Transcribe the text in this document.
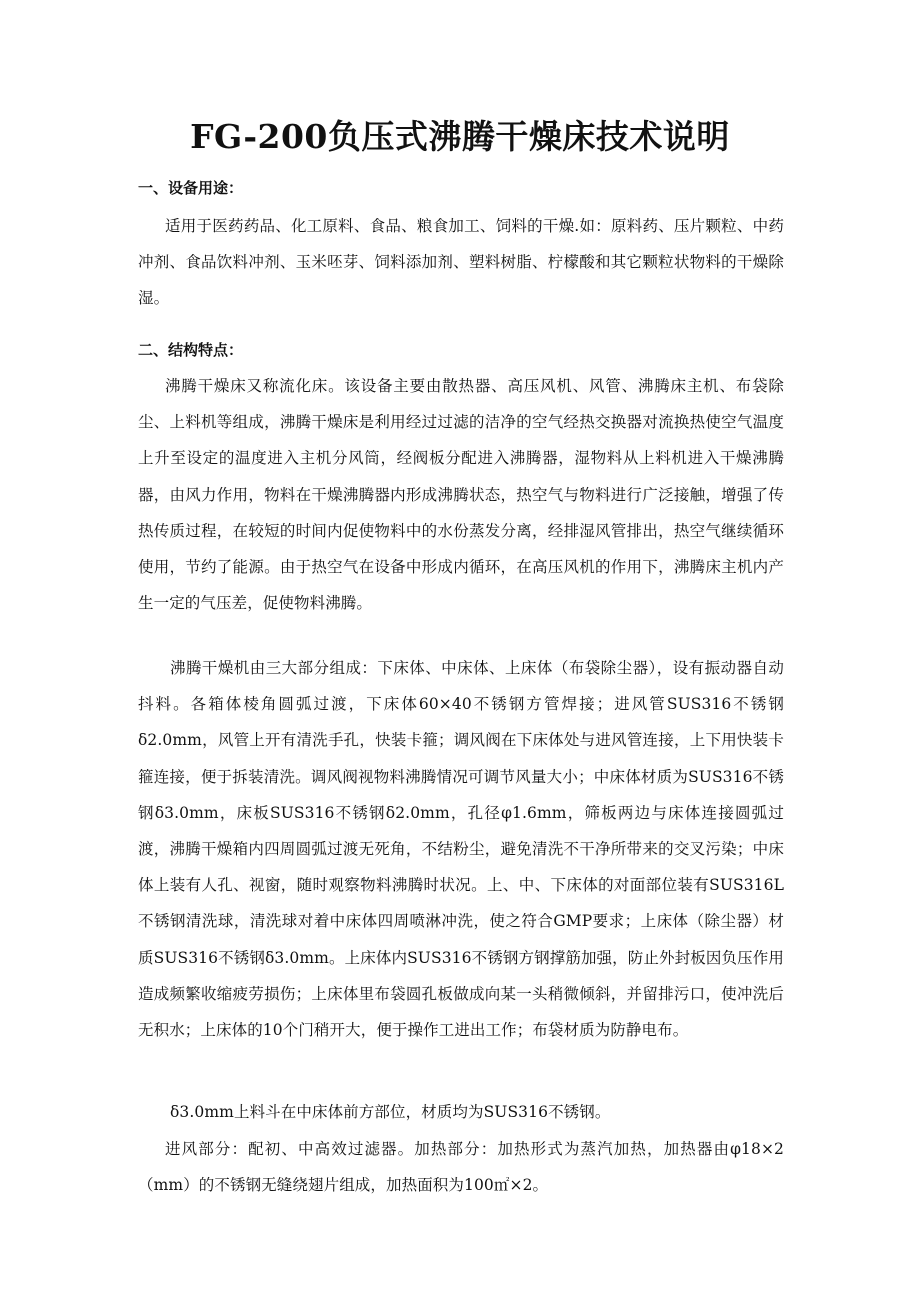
FG-200负压式沸腾干燥床技术说明
一、设备用途：

适用于医药药品、化工原料、食品、粮食加工、饲料的干燥.如：原料药、压片颗粒、中药冲剂、食品饮料冲剂、玉米呸芽、饲料添加剂、塑料树脂、柠檬酸和其它颗粒状物料的干燥除湿。

二、结构特点：

沸腾干燥床又称流化床。该设备主要由散热器、高压风机、风管、沸腾床主机、布袋除尘、上料机等组成，沸腾干燥床是利用经过过滤的洁净的空气经热交换器对流换热使空气温度上升至设定的温度进入主机分风筒，经阀板分配进入沸腾器，湿物料从上料机进入干燥沸腾器，由风力作用，物料在干燥沸腾器内形成沸腾状态，热空气与物料进行广泛接触，增强了传热传质过程，在较短的时间内促使物料中的水份蒸发分离，经排湿风管排出，热空气继续循环使用，节约了能源。由于热空气在设备中形成内循环，在高压风机的作用下，沸腾床主机内产生一定的气压差，促使物料沸腾。

沸腾干燥机由三大部分组成：下床体、中床体、上床体（布袋除尘器），设有振动器自动抖料。各箱体棱角圆弧过渡，下床体60×40不锈钢方管焊接；进风管SUS316不锈钢δ2.0mm，风管上开有清洗手孔，快装卡箍；调风阀在下床体处与进风管连接，上下用快装卡箍连接，便于拆装清洗。调风阀视物料沸腾情况可调节风量大小；中床体材质为SUS316不锈钢δ3.0mm，床板SUS316不锈钢δ2.0mm，孔径φ1.6mm，筛板两边与床体连接圆弧过渡，沸腾干燥箱内四周圆弧过渡无死角，不结粉尘，避免清洗不干净所带来的交叉污染；中床体上装有人孔、视窗，随时观察物料沸腾时状况。上、中、下床体的对面部位装有SUS316L不锈钢清洗球，清洗球对着中床体四周喷淋冲洗，使之符合GMP要求；上床体（除尘器）材质SUS316不锈钢δ3.0mm。上床体内SUS316不锈钢方钢撑筋加强，防止外封板因负压作用造成频繁收缩疲劳损伤；上床体里布袋圆孔板做成向某一头稍微倾斜，并留排污口，使冲洗后无积水；上床体的10个门稍开大，便于操作工进出工作；布袋材质为防静电布。

δ3.0mm上料斗在中床体前方部位，材质均为SUS316不锈钢。

进风部分：配初、中高效过滤器。加热部分：加热形式为蒸汽加热，加热器由φ18×2（mm）的不锈钢无缝绕翅片组成，加热面积为100㎡×2。
